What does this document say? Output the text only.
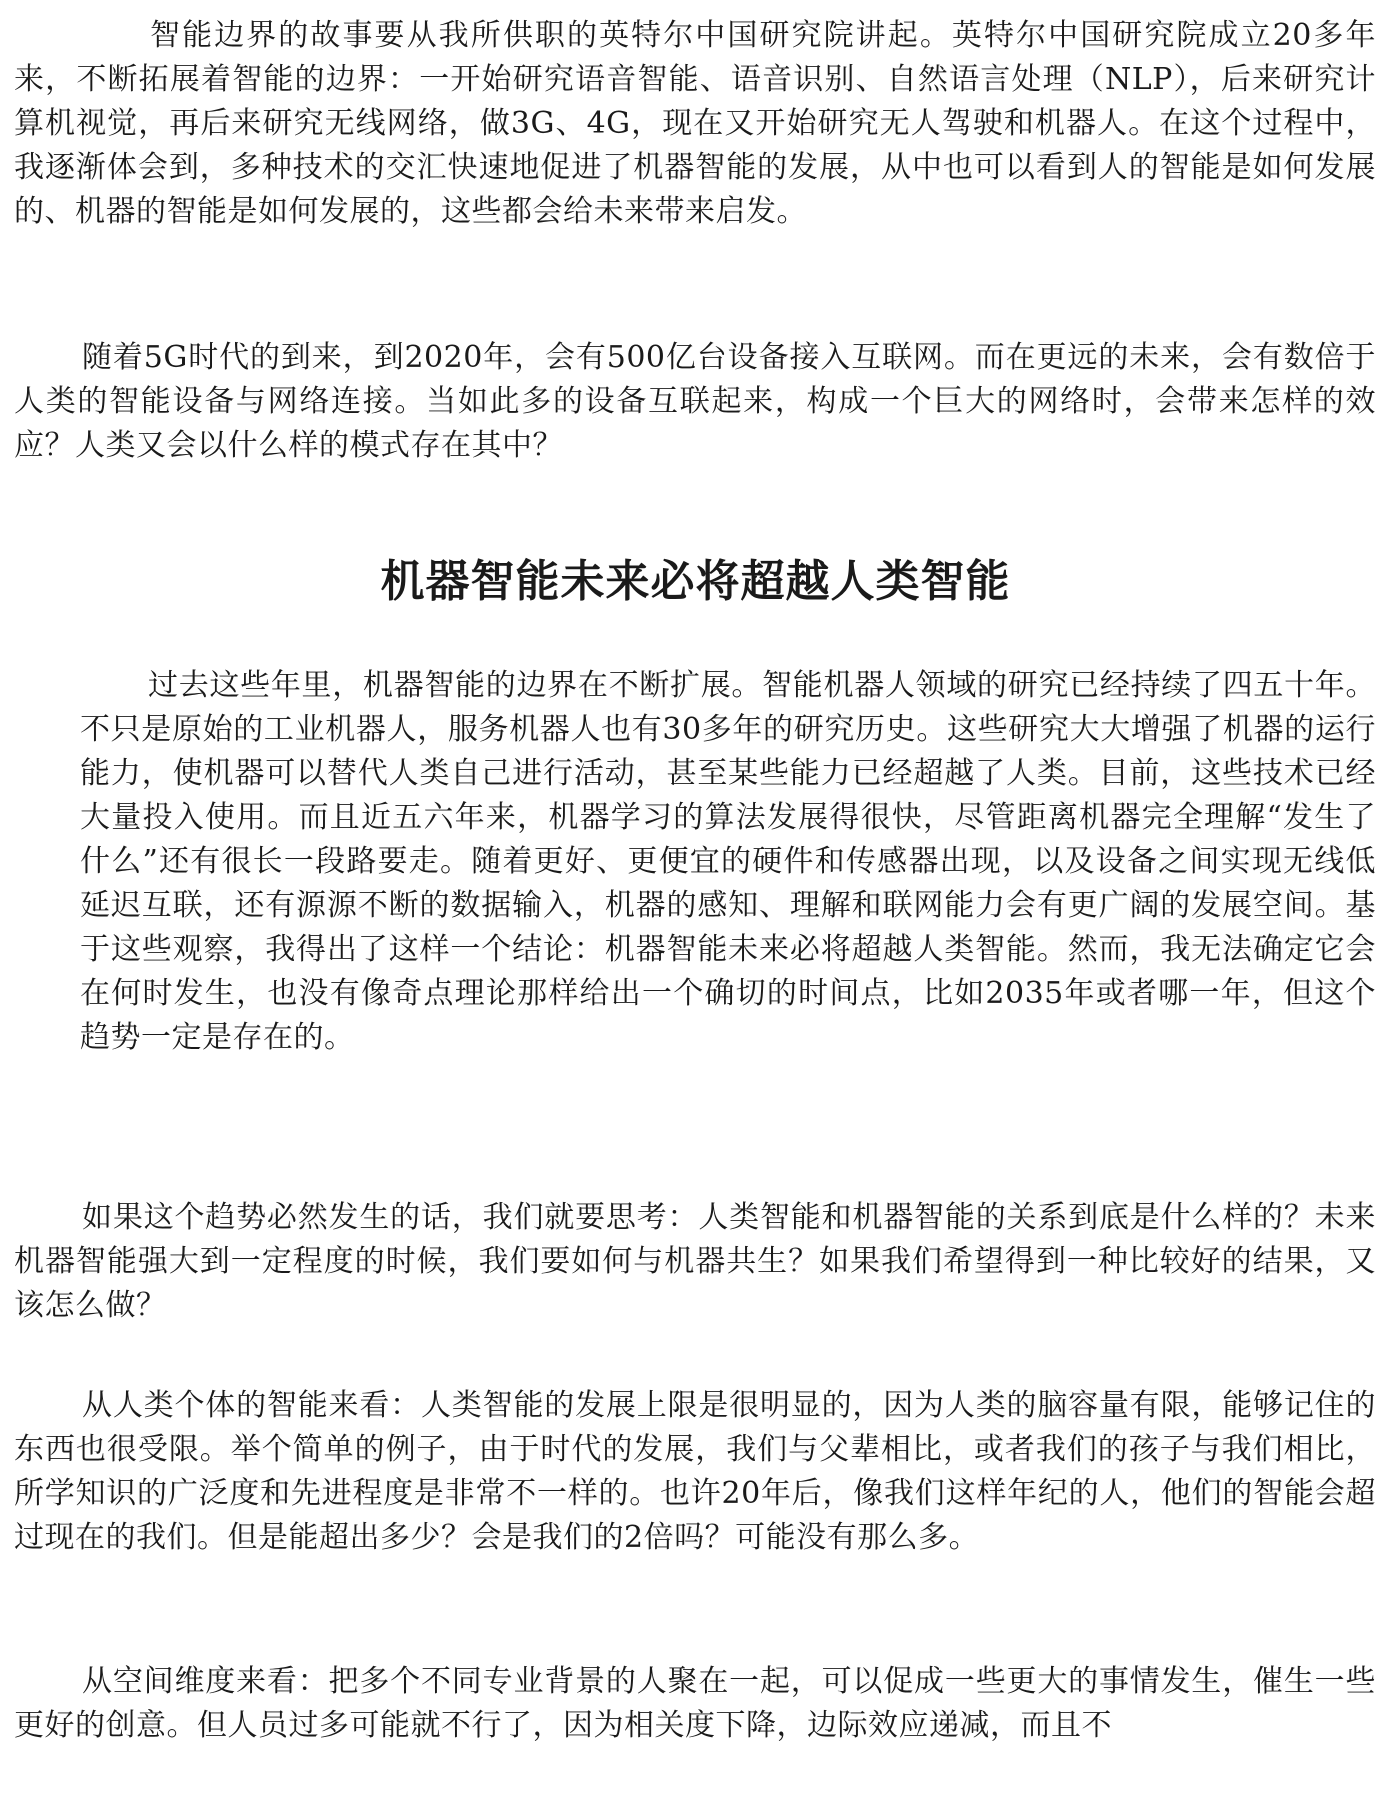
智能边界的故事要从我所供职的英特尔中国研究院讲起。英特尔中国研究院成立20多年来，不断拓展着智能的边界：一开始研究语音智能、语音识别、自然语言处理（NLP），后来研究计算机视觉，再后来研究无线网络，做3G、4G，现在又开始研究无人驾驶和机器人。在这个过程中，我逐渐体会到，多种技术的交汇快速地促进了机器智能的发展，从中也可以看到人的智能是如何发展的、机器的智能是如何发展的，这些都会给未来带来启发。

随着5G时代的到来，到2020年，会有500亿台设备接入互联网。而在更远的未来，会有数倍于人类的智能设备与网络连接。当如此多的设备互联起来，构成一个巨大的网络时，会带来怎样的效应？人类又会以什么样的模式存在其中？

机器智能未来必将超越人类智能

过去这些年里，机器智能的边界在不断扩展。智能机器人领域的研究已经持续了四五十年。不只是原始的工业机器人，服务机器人也有30多年的研究历史。这些研究大大增强了机器的运行能力，使机器可以替代人类自己进行活动，甚至某些能力已经超越了人类。目前，这些技术已经大量投入使用。而且近五六年来，机器学习的算法发展得很快，尽管距离机器完全理解“发生了什么”还有很长一段路要走。随着更好、更便宜的硬件和传感器出现，以及设备之间实现无线低延迟互联，还有源源不断的数据输入，机器的感知、理解和联网能力会有更广阔的发展空间。基于这些观察，我得出了这样一个结论：机器智能未来必将超越人类智能。然而，我无法确定它会在何时发生，也没有像奇点理论那样给出一个确切的时间点，比如2035年或者哪一年，但这个趋势一定是存在的。

如果这个趋势必然发生的话，我们就要思考：人类智能和机器智能的关系到底是什么样的？未来机器智能强大到一定程度的时候，我们要如何与机器共生？如果我们希望得到一种比较好的结果，又该怎么做？

从人类个体的智能来看：人类智能的发展上限是很明显的，因为人类的脑容量有限，能够记住的东西也很受限。举个简单的例子，由于时代的发展，我们与父辈相比，或者我们的孩子与我们相比，所学知识的广泛度和先进程度是非常不一样的。也许20年后，像我们这样年纪的人，他们的智能会超过现在的我们。但是能超出多少？会是我们的2倍吗？可能没有那么多。

从空间维度来看：把多个不同专业背景的人聚在一起，可以促成一些更大的事情发生，催生一些更好的创意。但人员过多可能就不行了，因为相关度下降，边际效应递减，而且不
